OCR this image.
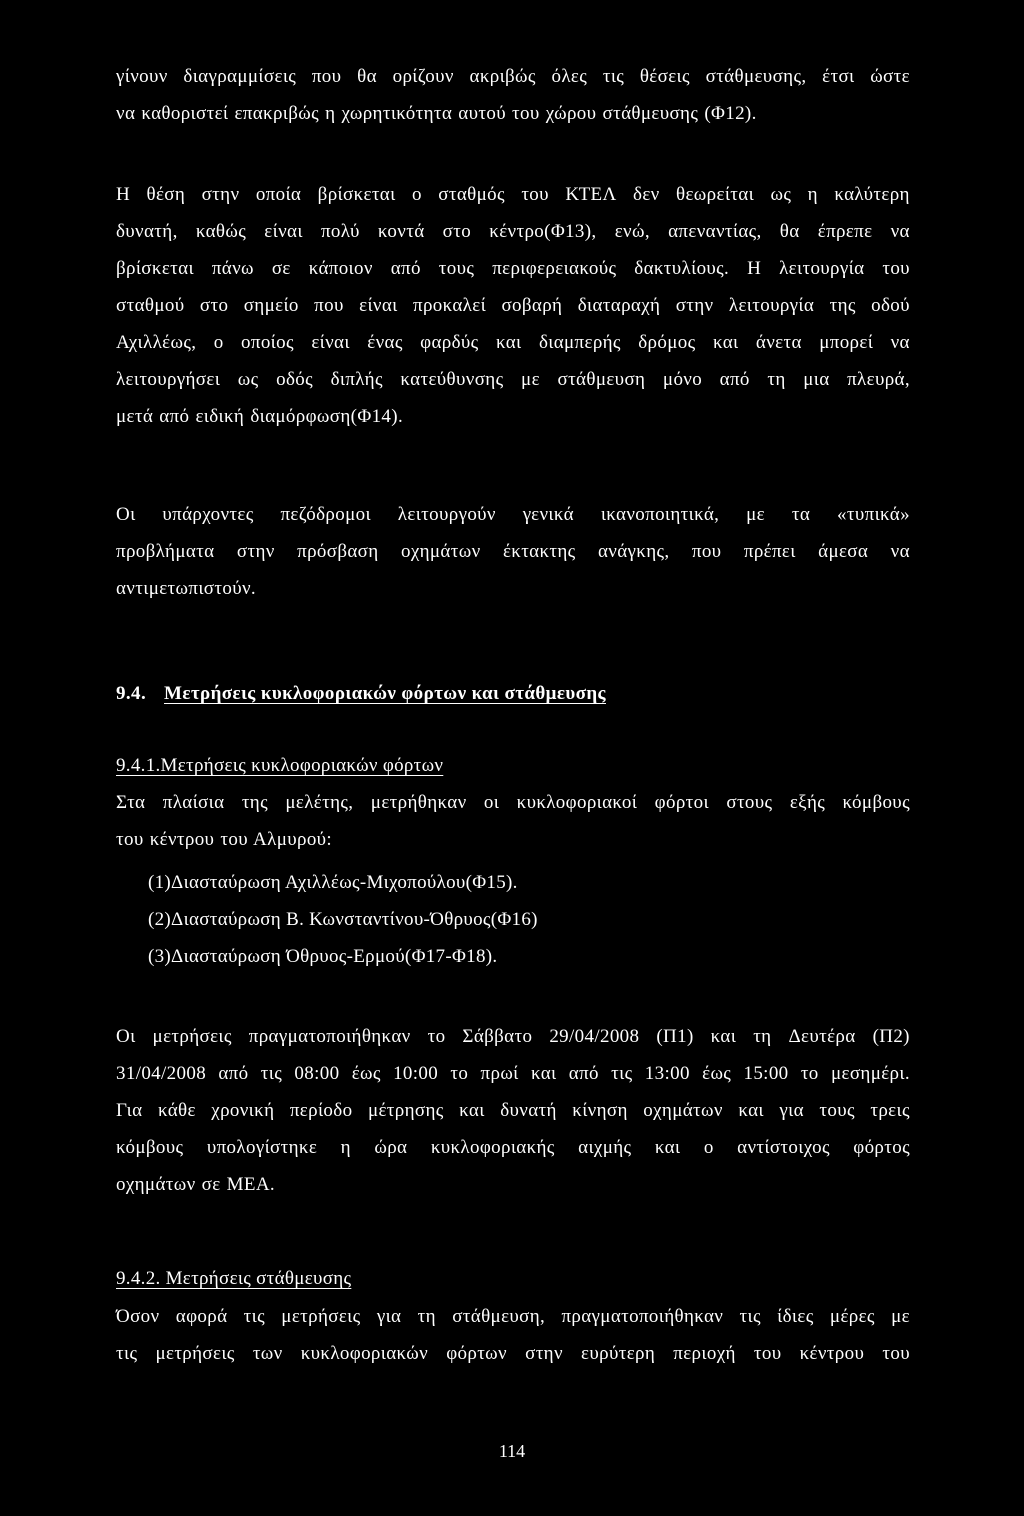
γίνουν διαγραμμίσεις που θα ορίζουν ακριβώς όλες τις θέσεις στάθμευσης, έτσι ώστε
να καθοριστεί επακριβώς η χωρητικότητα αυτού του χώρου στάθμευσης (Φ12).
Η θέση στην οποία βρίσκεται ο σταθμός του ΚΤΕΛ δεν θεωρείται ως η καλύτερη
δυνατή, καθώς είναι πολύ κοντά στο κέντρο(Φ13), ενώ, απεναντίας, θα έπρεπε να
βρίσκεται πάνω σε κάποιον από τους περιφερειακούς δακτυλίους. Η λειτουργία του
σταθμού στο σημείο που είναι προκαλεί σοβαρή διαταραχή στην λειτουργία της οδού
Αχιλλέως, ο οποίος είναι ένας φαρδύς και διαμπερής δρόμος και άνετα μπορεί να
λειτουργήσει ως οδός διπλής κατεύθυνσης με στάθμευση μόνο από τη μια πλευρά,
μετά από ειδική διαμόρφωση(Φ14).
Οι υπάρχοντες πεζόδρομοι λειτουργούν γενικά ικανοποιητικά, με τα «τυπικά»
προβλήματα στην πρόσβαση οχημάτων έκτακτης ανάγκης, που πρέπει άμεσα να
αντιμετωπιστούν.
9.4. Μετρήσεις κυκλοφοριακών φόρτων και στάθμευσης
9.4.1.Μετρήσεις κυκλοφοριακών φόρτων
Στα πλαίσια της μελέτης, μετρήθηκαν οι κυκλοφοριακοί φόρτοι στους εξής κόμβους
του κέντρου του Αλμυρού:
(1)Διασταύρωση Αχιλλέως-Μιχοπούλου(Φ15).
(2)Διασταύρωση Β. Κωνσταντίνου-Όθρυος(Φ16)
(3)Διασταύρωση Όθρυος-Ερμού(Φ17-Φ18).
Οι μετρήσεις πραγματοποιήθηκαν το Σάββατο 29/04/2008 (Π1) και τη Δευτέρα (Π2)
31/04/2008 από τις 08:00 έως 10:00 το πρωί και από τις 13:00 έως 15:00 το μεσημέρι.
Για κάθε χρονική περίοδο μέτρησης και δυνατή κίνηση οχημάτων και για τους τρεις
κόμβους υπολογίστηκε η ώρα κυκλοφοριακής αιχμής και ο αντίστοιχος φόρτος
οχημάτων σε ΜΕΑ.
9.4.2. Μετρήσεις στάθμευσης
Όσον αφορά τις μετρήσεις για τη στάθμευση, πραγματοποιήθηκαν τις ίδιες μέρες με
τις μετρήσεις των κυκλοφοριακών φόρτων στην ευρύτερη περιοχή του κέντρου του
114
